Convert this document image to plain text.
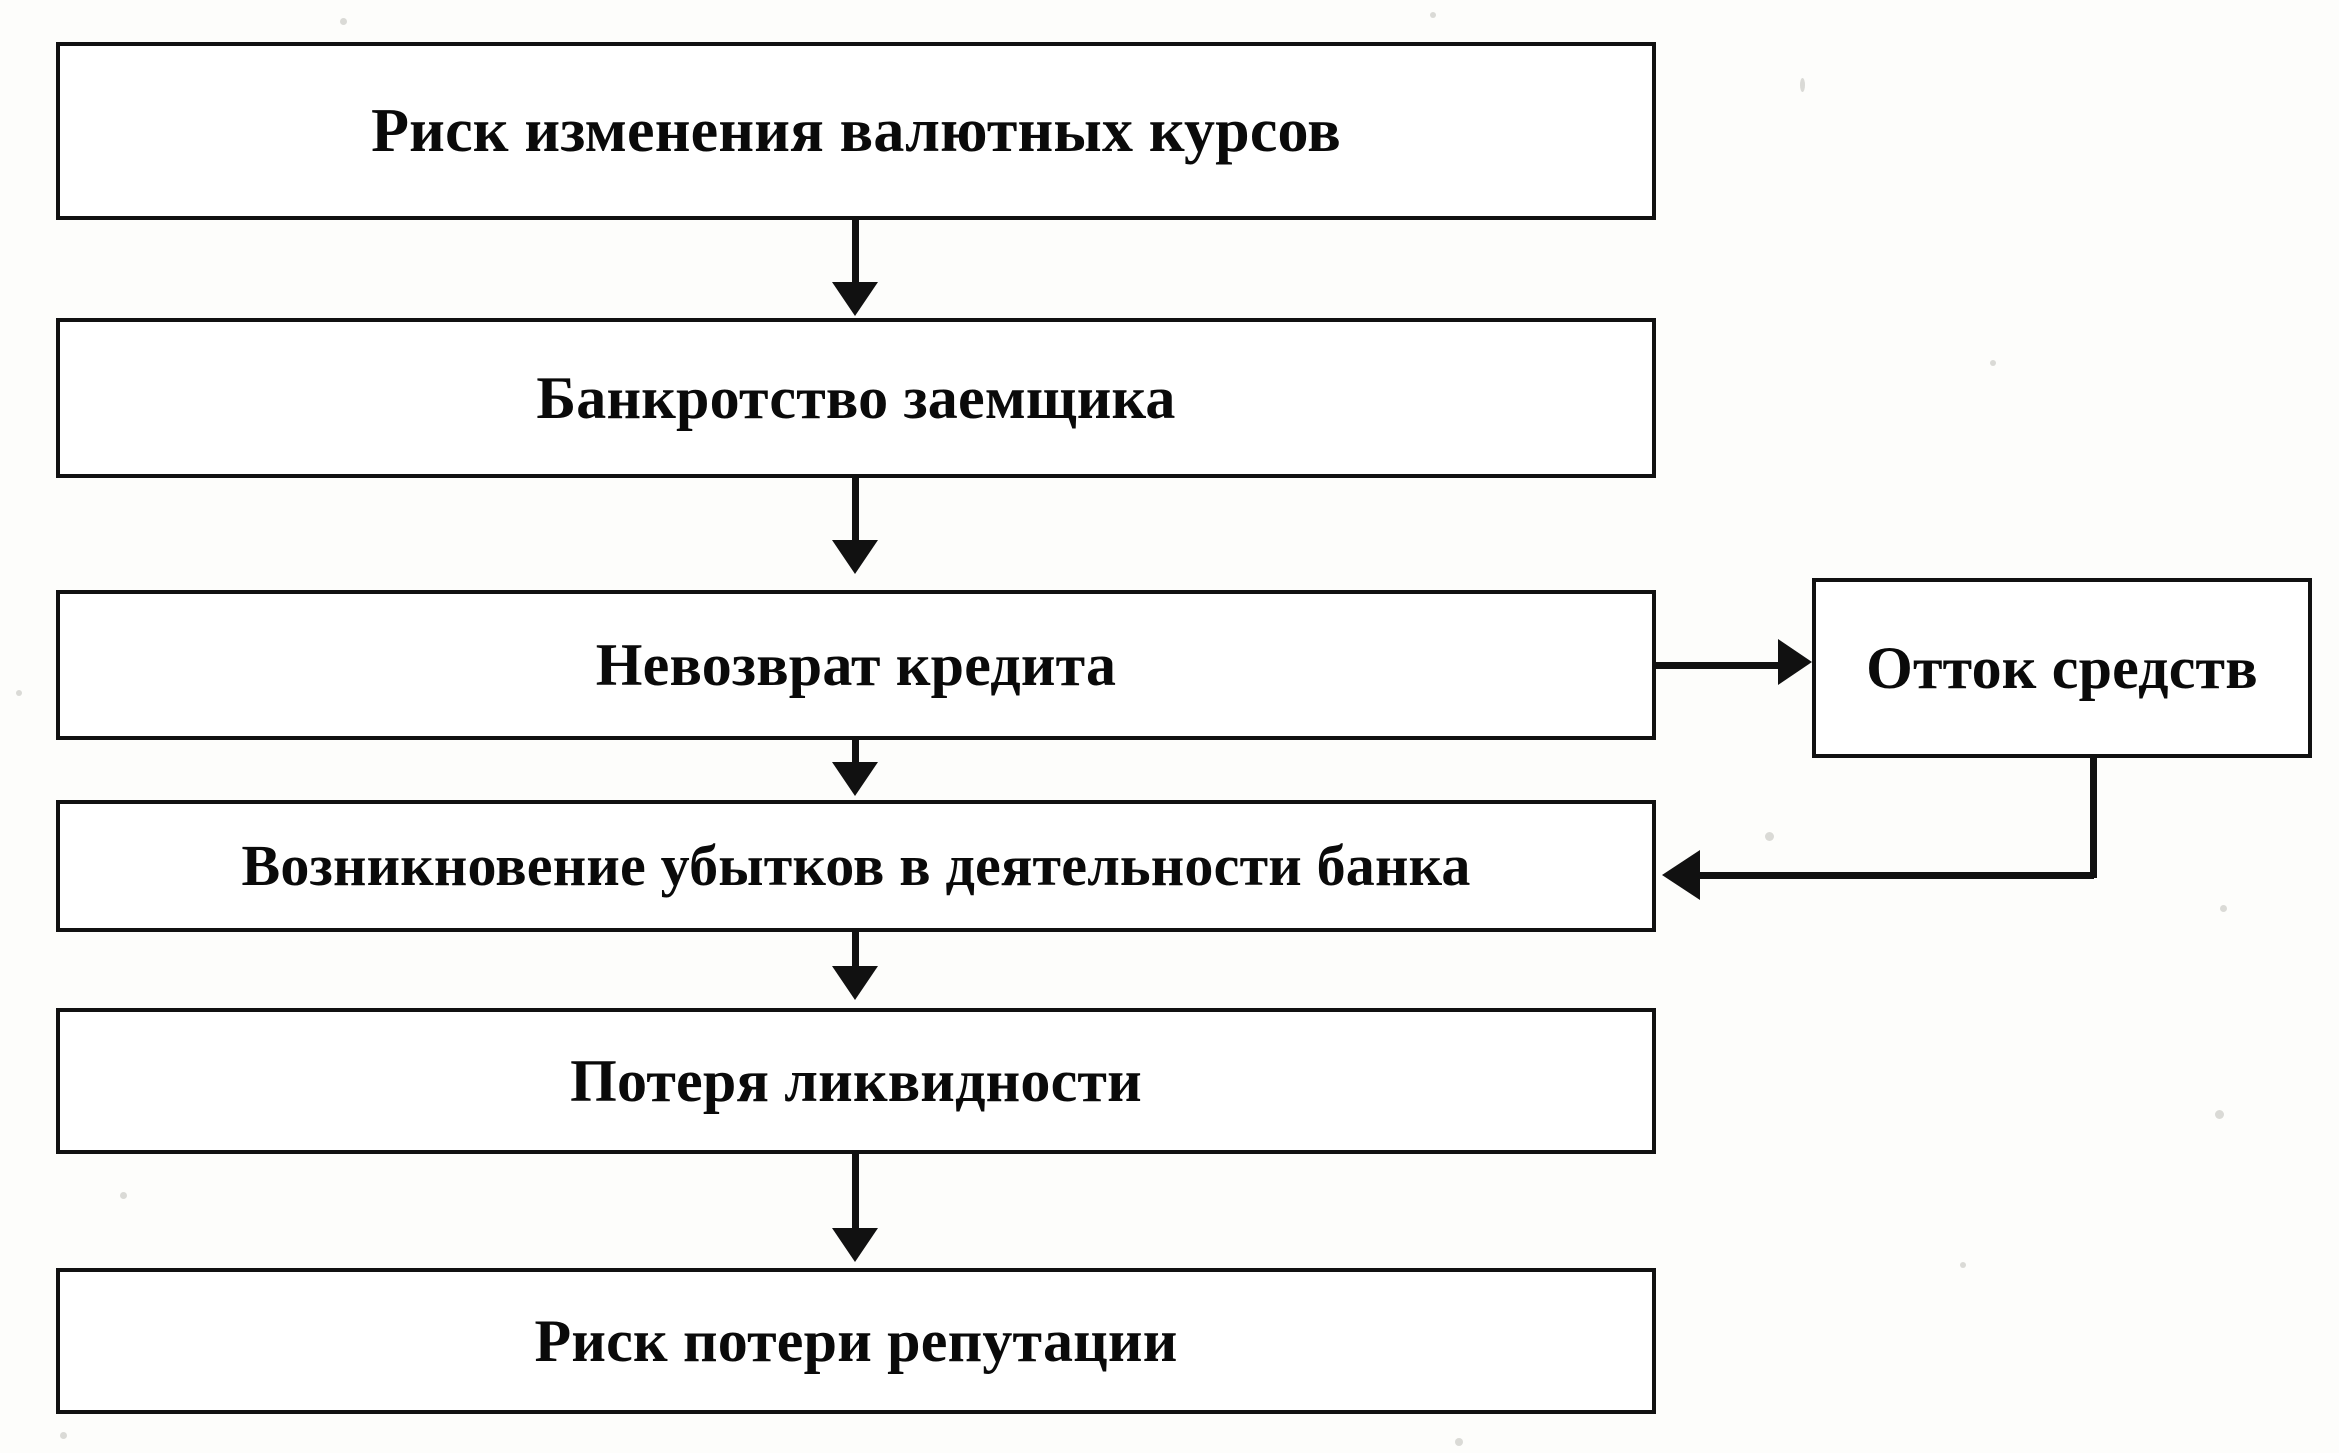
Риск изменения валютных курсов
Банкротство заемщика
Невозврат кредита	Отток средств
Возникновение убытков в деятельности банка
Потеря ликвидности
Риск потери репутации
